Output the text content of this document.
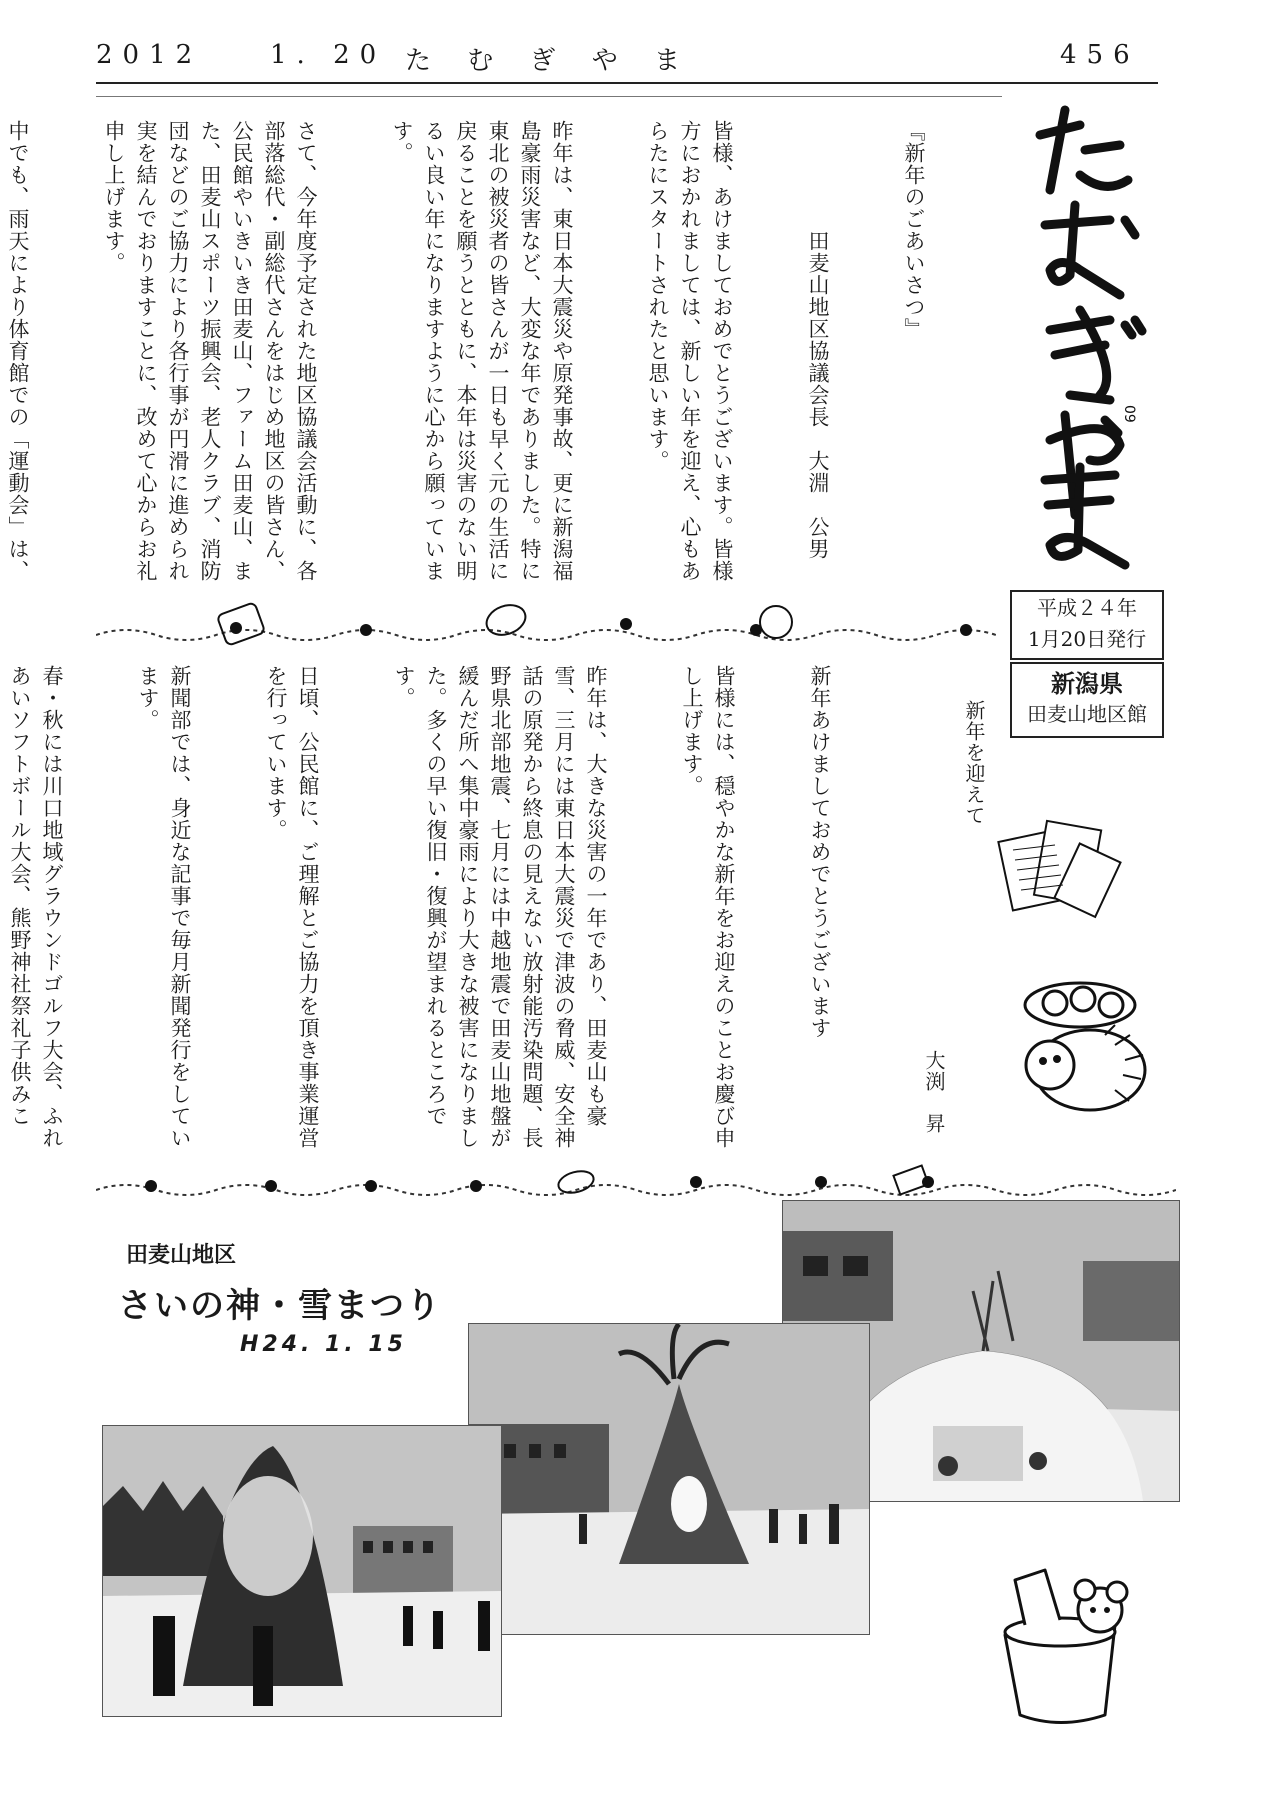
2012	1. 20 た む ぎ や ま	456
09
平成２４年
1月20日発行
新潟県
田麦山地区館

『新年のごあいさつ』

田麦山地区協議会長　大淵　公男

皆様、あけましておめでとうございます。皆様方におかれましては、新しい年を迎え、心もあらたにスタートされたと思います。

昨年は、東日本大震災や原発事故、更に新潟福島豪雨災害など、大変な年でありました。特に東北の被災者の皆さんが一日も早く元の生活に戻ることを願うとともに、本年は災害のない明るい良い年になりますように心から願っています。

さて、今年度予定された地区協議会活動に、各部落総代・副総代さんをはじめ地区の皆さん、公民館やいきいき田麦山、ファーム田麦山、また、田麦山スポーツ振興会、老人クラブ、消防団などのご協力により各行事が円滑に進められ実を結んでおりますことに、改めて心からお礼申し上げます。

中でも、雨天により体育館での「運動会」は、

新年を迎えて

新年あけましておめでとうございます

皆様には、穏やかな新年をお迎えのことお慶び申し上げます。

昨年は、大きな災害の一年であり、田麦山も豪雪、三月には東日本大震災で津波の脅威、安全神話の原発から終息の見えない放射能汚染問題、長野県北部地震、七月には中越地震で田麦山地盤が緩んだ所へ集中豪雨により大きな被害になりました。多くの早い復旧・復興が望まれるところです。

日頃、公民館に、ご理解とご協力を頂き事業運営を行っています。

新聞部では、身近な記事で毎月新聞発行をしています。

春・秋には川口地域グラウンドゴルフ大会、ふれあいソフトボール大会、熊野神社祭礼子供みこ

	大渕　昇
田麦山地区
さいの神・雪まつり
H24. 1. 15
